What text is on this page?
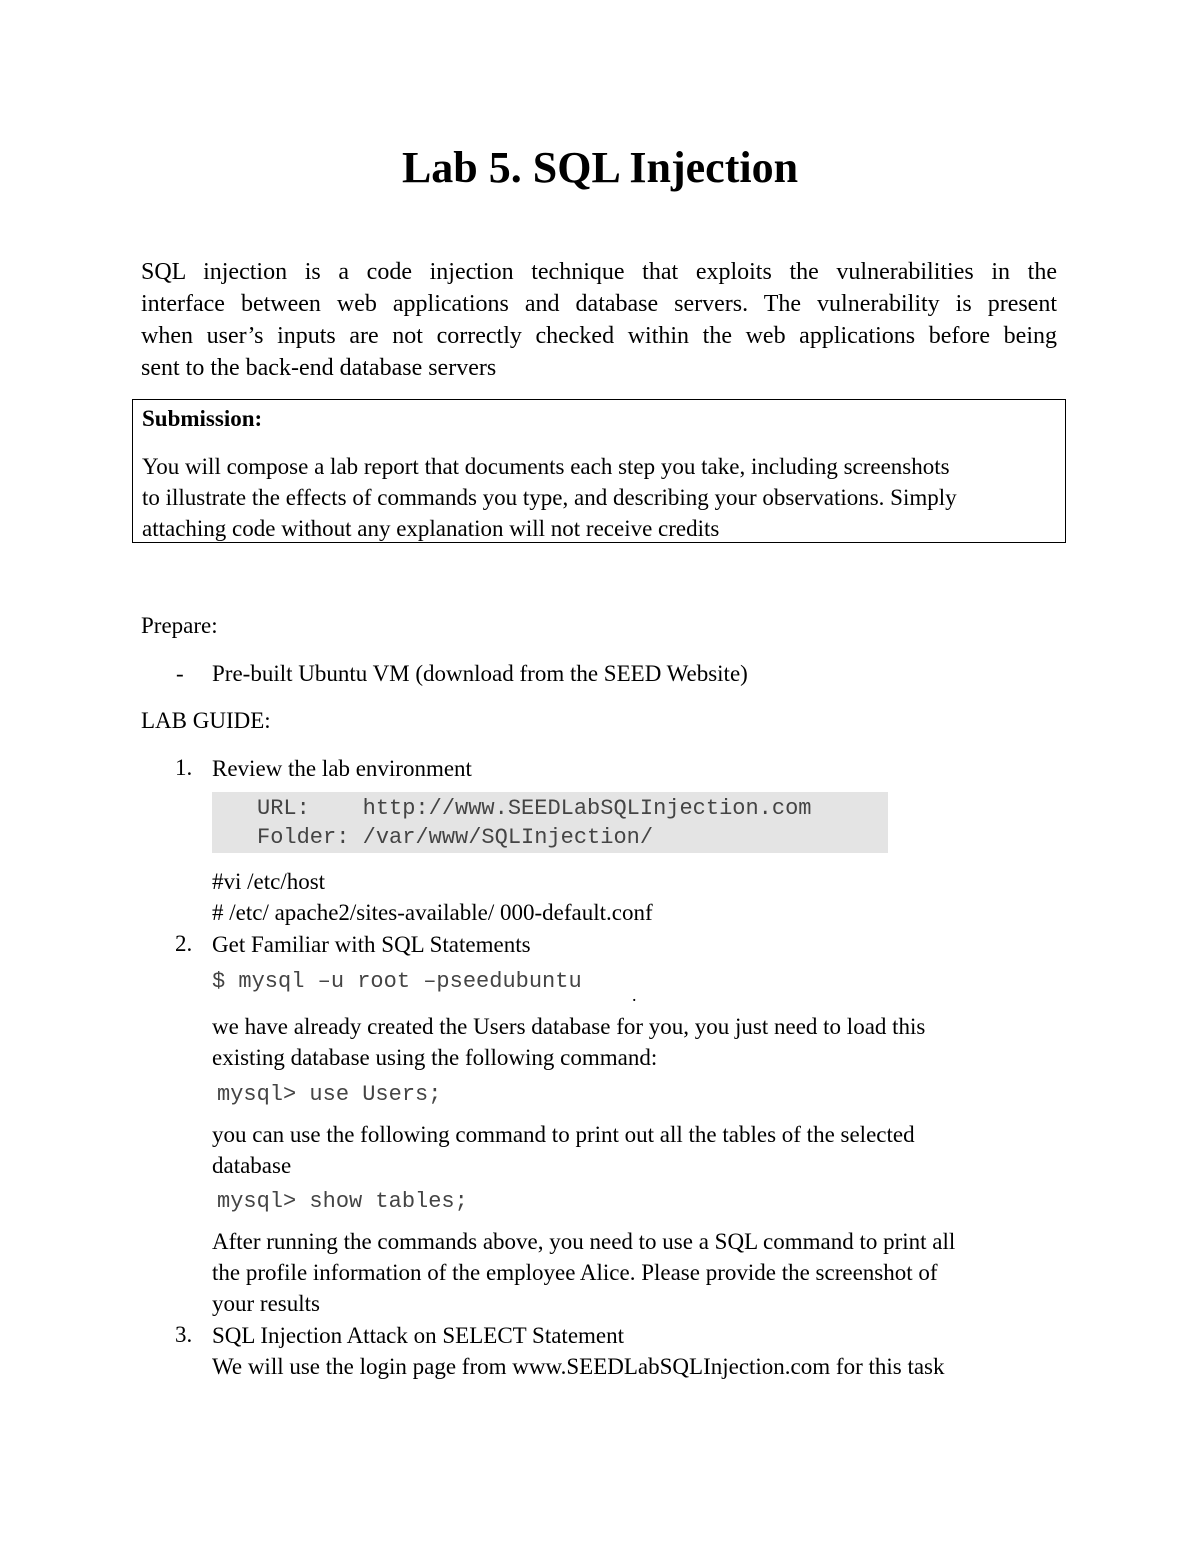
Lab 5. SQL Injection
SQL injection is a code injection technique that exploits the vulnerabilities in the
interface between web applications and database servers. The vulnerability is present
when user’s inputs are not correctly checked within the web applications before being
sent to the back-end database servers
Submission:
You will compose a lab report that documents each step you take, including screenshots
to illustrate the effects of commands you type, and describing your observations. Simply
attaching code without any explanation will not receive credits
Prepare:
- Pre-built Ubuntu VM (download from the SEED Website)
LAB GUIDE:
1. Review the lab environment
URL:    http://www.SEEDLabSQLInjection.com
Folder: /var/www/SQLInjection/
#vi /etc/host
# /etc/ apache2/sites-available/ 000-default.conf
2. Get Familiar with SQL Statements
$ mysql –u root –pseedubuntu
.
we have already created the Users database for you, you just need to load this
existing database using the following command:
mysql> use Users;
you can use the following command to print out all the tables of the selected
database
mysql> show tables;
After running the commands above, you need to use a SQL command to print all
the profile information of the employee Alice. Please provide the screenshot of
your results
3. SQL Injection Attack on SELECT Statement
We will use the login page from www.SEEDLabSQLInjection.com for this task
